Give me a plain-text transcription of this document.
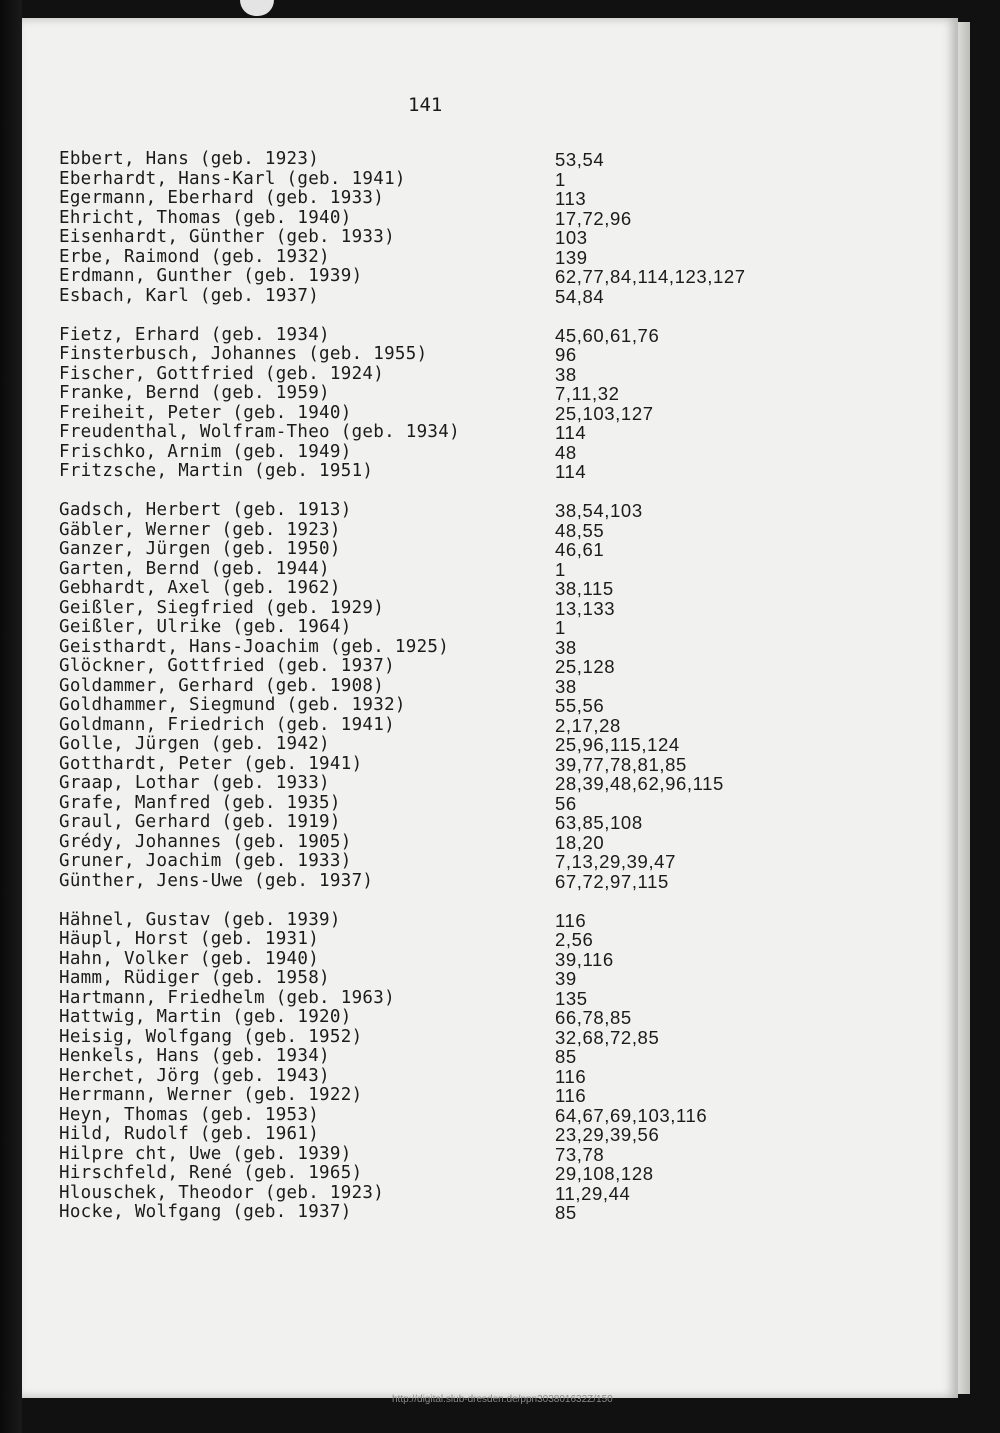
141
Ebbert, Hans (geb. 1923)	53,54
Eberhardt, Hans-Karl (geb. 1941)	1
Egermann, Eberhard (geb. 1933)	113
Ehricht, Thomas (geb. 1940)	17,72,96
Eisenhardt, Günther (geb. 1933)	103
Erbe, Raimond (geb. 1932)	139
Erdmann, Gunther (geb. 1939)	62,77,84,114,123,127
Esbach, Karl (geb. 1937)	54,84
Fietz, Erhard (geb. 1934)	45,60,61,76
Finsterbusch, Johannes (geb. 1955)	96
Fischer, Gottfried (geb. 1924)	38
Franke, Bernd (geb. 1959)	7,11,32
Freiheit, Peter (geb. 1940)	25,103,127
Freudenthal, Wolfram-Theo (geb. 1934)	114
Frischko, Arnim (geb. 1949)	48
Fritzsche, Martin (geb. 1951)	114
Gadsch, Herbert (geb. 1913)	38,54,103
Gäbler, Werner (geb. 1923)	48,55
Ganzer, Jürgen (geb. 1950)	46,61
Garten, Bernd (geb. 1944)	1
Gebhardt, Axel (geb. 1962)	38,115
Geißler, Siegfried (geb. 1929)	13,133
Geißler, Ulrike (geb. 1964)	1
Geisthardt, Hans-Joachim (geb. 1925)	38
Glöckner, Gottfried (geb. 1937)	25,128
Goldammer, Gerhard (geb. 1908)	38
Goldhammer, Siegmund (geb. 1932)	55,56
Goldmann, Friedrich (geb. 1941)	2,17,28
Golle, Jürgen (geb. 1942)	25,96,115,124
Gotthardt, Peter (geb. 1941)	39,77,78,81,85
Graap, Lothar (geb. 1933)	28,39,48,62,96,115
Grafe, Manfred (geb. 1935)	56
Graul, Gerhard (geb. 1919)	63,85,108
Grédy, Johannes (geb. 1905)	18,20
Gruner, Joachim (geb. 1933)	7,13,29,39,47
Günther, Jens-Uwe (geb. 1937)	67,72,97,115
Hähnel, Gustav (geb. 1939)	116
Häupl, Horst (geb. 1931)	2,56
Hahn, Volker (geb. 1940)	39,116
Hamm, Rüdiger (geb. 1958)	39
Hartmann, Friedhelm (geb. 1963)	135
Hattwig, Martin (geb. 1920)	66,78,85
Heisig, Wolfgang (geb. 1952)	32,68,72,85
Henkels, Hans (geb. 1934)	85
Herchet, Jörg (geb. 1943)	116
Herrmann, Werner (geb. 1922)	116
Heyn, Thomas (geb. 1953)	64,67,69,103,116
Hild, Rudolf (geb. 1961)	23,29,39,56
Hilpre cht, Uwe (geb. 1939)	73,78
Hirschfeld, René (geb. 1965)	29,108,128
Hlouschek, Theodor (geb. 1923)	11,29,44
Hocke, Wolfgang (geb. 1937)	85
http://digital.slub-dresden.de/ppn303801632Z/150
